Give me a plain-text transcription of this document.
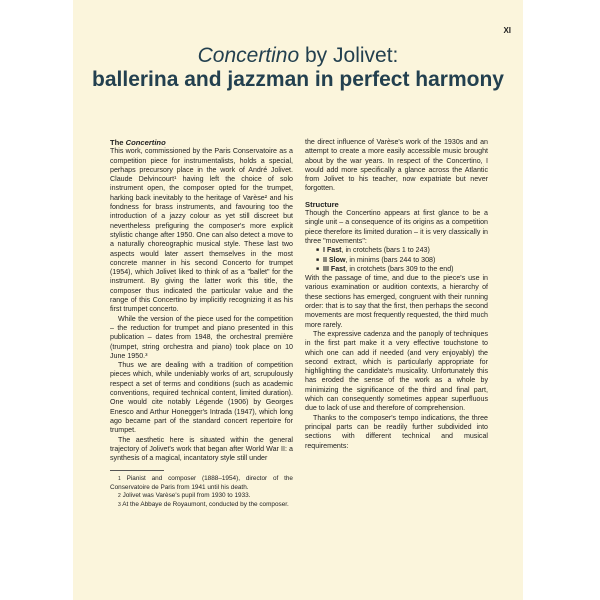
XI
Concertino by Jolivet:
ballerina and jazzman in perfect harmony

The Concertino

This work, commissioned by the Paris Conservatoire as a competition piece for instrumentalists, holds a special, perhaps precursory place in the work of André Jolivet. Claude Delvincourt¹ having left the choice of solo instrument open, the composer opted for the trumpet, harking back inevitably to the heritage of Varèse² and his fondness for brass instruments, and favouring too the introduction of a jazzy colour as yet still discreet but nevertheless prefiguring the composer's more explicit stylistic change after 1950. One can also detect a move to a naturally choreographic musical style. These last two aspects would later assert themselves in the most concrete manner in his second Concerto for trumpet (1954), which Jolivet liked to think of as a "ballet" for the instrument. By giving the latter work this title, the composer thus indicated the particular value and the range of this Concertino by implicitly recognizing it as his first trumpet concerto.

While the version of the piece used for the competition – the reduction for trumpet and piano presented in this publication – dates from 1948, the orchestral première (trumpet, string orchestra and piano) took place on 10 June 1950.³

Thus we are dealing with a tradition of competition pieces which, while undeniably works of art, scrupulously respect a set of terms and conditions (such as academic conventions, required technical content, limited duration). One would cite notably Légende (1906) by Georges Enesco and Arthur Honegger's Intrada (1947), which long ago became part of the standard concert repertoire for trumpet.

The aesthetic here is situated within the general trajectory of Jolivet's work that began after World War II: a synthesis of a magical, incantatory style still under

$^1$ Pianist and composer (1888–1954), director of the Conservatoire de Paris from 1941 until his death.

$^2$ Jolivet was Varèse's pupil from 1930 to 1933.

$^3$ At the Abbaye de Royaumont, conducted by the composer.

the direct influence of Varèse's work of the 1930s and an attempt to create a more easily accessible music brought about by the war years. In respect of the Concertino, I would add more specifically a glance across the Atlantic from Jolivet to his teacher, now expatriate but never forgotten.

Structure

Though the Concertino appears at first glance to be a single unit – a consequence of its origins as a competition piece therefore its limited duration – it is very classically in three "movements":

■ I Fast, in crotchets (bars 1 to 243)
■ II Slow, in minims (bars 244 to 308)
■ III Fast, in crotchets (bars 309 to the end)

With the passage of time, and due to the piece's use in various examination or audition contexts, a hierarchy of these sections has emerged, congruent with their running order: that is to say that the first, then perhaps the second movements are most frequently requested, the third much more rarely.

The expressive cadenza and the panoply of techniques in the first part make it a very effective touchstone to which one can add if needed (and very enjoyably) the second extract, which is particularly appropriate for highlighting the candidate's musicality. Unfortunately this has eroded the sense of the work as a whole by minimizing the significance of the third and final part, which can consequently sometimes appear superfluous due to lack of use and therefore of comprehension.

Thanks to the composer's tempo indications, the three principal parts can be readily further subdivided into sections with different technical and musical requirements:
